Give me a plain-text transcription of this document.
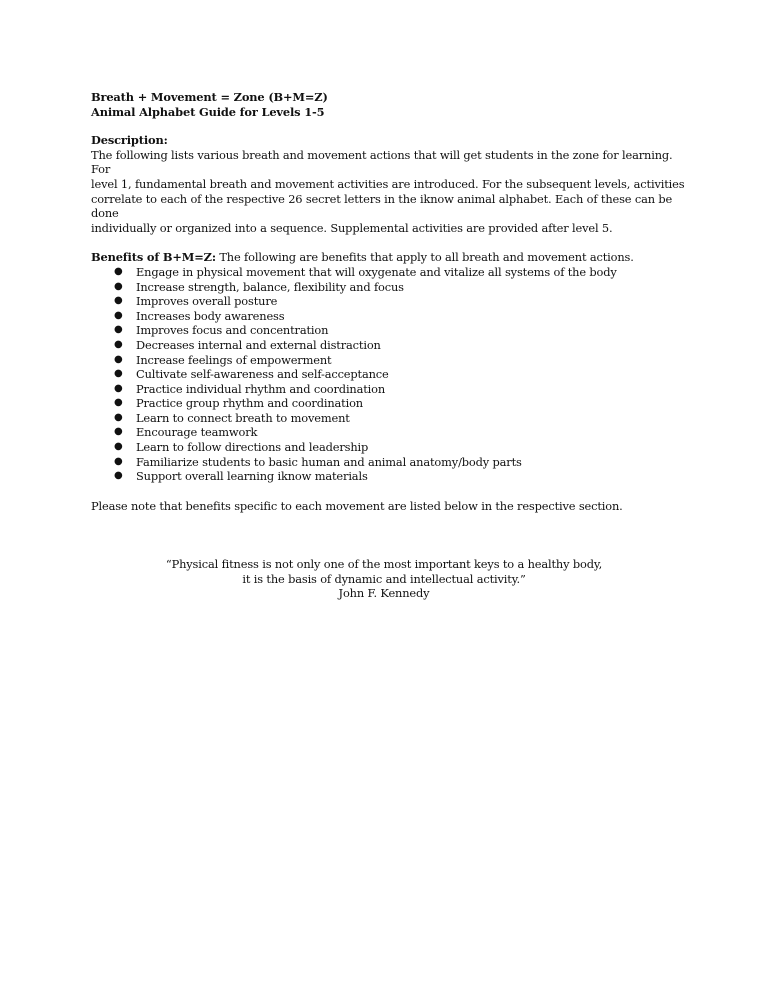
Breath + Movement = Zone (B+M=Z)
Animal Alphabet Guide for Levels 1-5
Description:
The following lists various breath and movement actions that will get students in the zone for learning. For
level 1, fundamental breath and movement activities are introduced. For the subsequent levels, activities
correlate to each of the respective 26 secret letters in the iknow animal alphabet. Each of these can be done
individually or organized into a sequence. Supplemental activities are provided after level 5.
Benefits of B+M=Z: The following are benefits that apply to all breath and movement actions.
● Engage in physical movement that will oxygenate and vitalize all systems of the body
● Increase strength, balance, flexibility and focus
● Improves overall posture
● Increases body awareness
● Improves focus and concentration
● Decreases internal and external distraction
● Increase feelings of empowerment
● Cultivate self-awareness and self-acceptance
● Practice individual rhythm and coordination
● Practice group rhythm and coordination
● Learn to connect breath to movement
● Encourage teamwork
● Learn to follow directions and leadership
● Familiarize students to basic human and animal anatomy/body parts
● Support overall learning iknow materials
Please note that benefits specific to each movement are listed below in the respective section.
“Physical fitness is not only one of the most important keys to a healthy body,
it is the basis of dynamic and intellectual activity.”
John F. Kennedy
